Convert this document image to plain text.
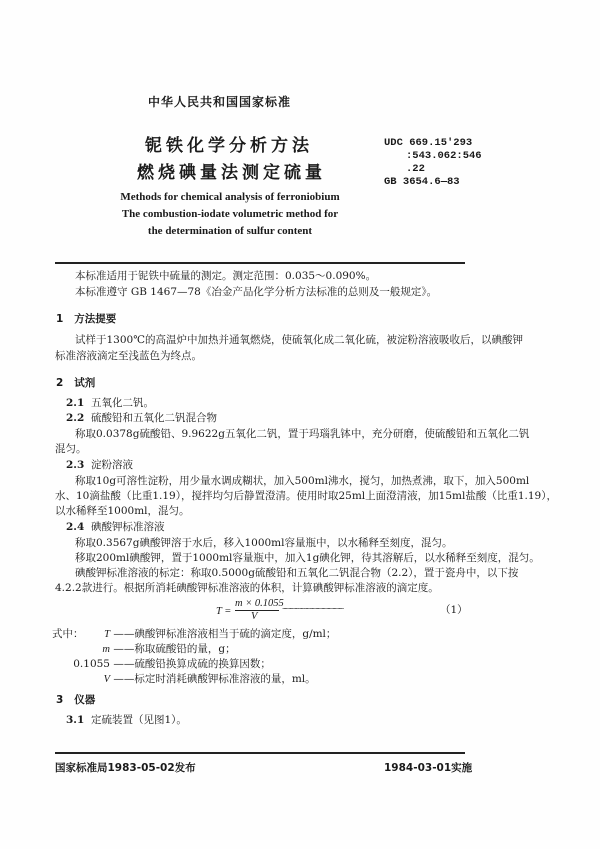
中华人民共和国国家标准
铌铁化学分析方法
燃烧碘量法测定硫量
Methods for chemical analysis of ferroniobium
The combustion-iodate volumetric method for
the determination of sulfur content
UDC 669.15′293
:543.062:546
.22
GB 3654.6—83
本标准适用于铌铁中硫量的测定。测定范围：0.035～0.090%。
本标准遵守 GB 1467—78《冶金产品化学分析方法标准的总则及一般规定》。
1 方法提要
试样于1300℃的高温炉中加热并通氧燃烧，使硫氧化成二氧化硫，被淀粉溶液吸收后，以碘酸钾
标准溶液滴定至浅蓝色为终点。
2 试剂
2.1 五氧化二钒。
2.2 硫酸铅和五氧化二钒混合物
称取0.0378g硫酸铅、9.9622g五氧化二钒，置于玛瑙乳钵中，充分研磨，使硫酸铅和五氧化二钒
混匀。
2.3 淀粉溶液
称取10g可溶性淀粉，用少量水调成糊状，加入500ml沸水，搅匀，加热煮沸，取下，加入500ml
水、10滴盐酸（比重1.19），搅拌均匀后静置澄清。使用时取25ml上面澄清液，加15ml盐酸（比重1.19），
以水稀释至1000ml，混匀。
2.4 碘酸钾标准溶液
称取0.3567g碘酸钾溶于水后，移入1000ml容量瓶中，以水稀释至刻度，混匀。
移取200ml碘酸钾，置于1000ml容量瓶中，加入1g碘化钾，待其溶解后，以水稀释至刻度，混匀。
碘酸钾标准溶液的标定：称取0.5000g硫酸铅和五氧化二钒混合物（2.2），置于瓷舟中，以下按
4.2.2款进行。根据所消耗碘酸钾标准溶液的体积，计算碘酸钾标准溶液的滴定度。
T =
m × 0.1055
V
··················································	（1）
式中：	T ——碘酸钾标准溶液相当于硫的滴定度，g/ml；
m ——称取硫酸铅的量，g；
0.1055 ——硫酸铅换算成硫的换算因数；
V ——标定时消耗碘酸钾标准溶液的量，ml。
3 仪器
3.1 定硫装置（见图1）。
国家标准局1983-05-02发布	1984-03-01实施
